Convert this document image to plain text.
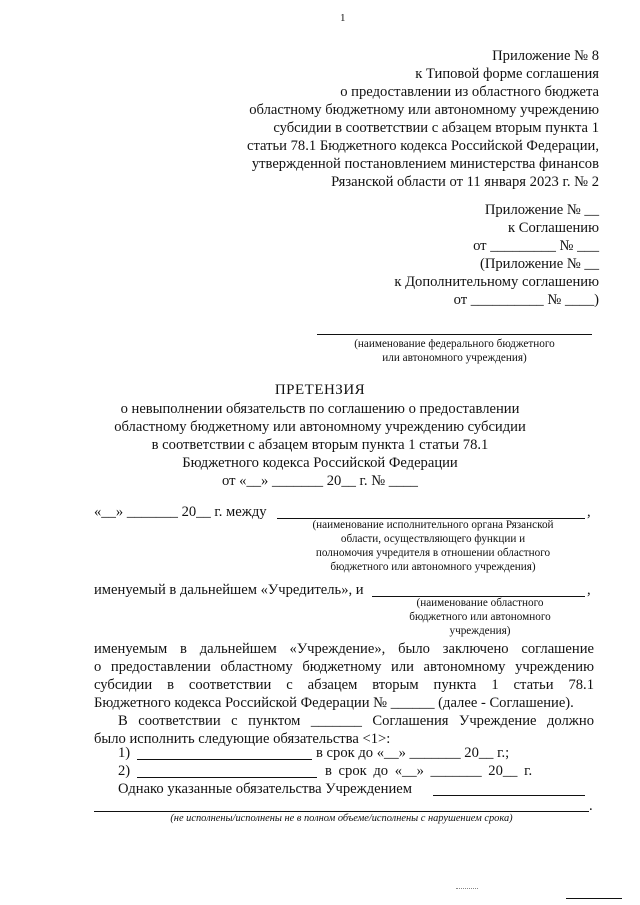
1
Приложение № 8
к Типовой форме соглашения
о предоставлении из областного бюджета
областному бюджетному или автономному учреждению
субсидии в соответствии с абзацем вторым пункта 1
статьи 78.1 Бюджетного кодекса Российской Федерации,
утвержденной постановлением министерства финансов
Рязанской области от 11 января 2023 г. № 2
Приложение № __
к Соглашению
от _________ № ___
(Приложение № __
к Дополнительному соглашению
от __________ № ____)
(наименование федерального бюджетного
или автономного учреждения)
ПРЕТЕНЗИЯ
о невыполнении обязательств по соглашению о предоставлении
областному бюджетному или автономному учреждению субсидии
в соответствии с абзацем вторым пункта 1 статьи 78.1
Бюджетного кодекса Российской Федерации
от «__» _______ 20__ г. № ____
«__» _______ 20__ г. между	,
(наименование исполнительного органа Рязанской
области, осуществляющего функции и
полномочия учредителя в отношении областного
бюджетного или автономного учреждения)
именуемый в дальнейшем «Учредитель», и	,
(наименование областного
бюджетного или автономного
учреждения)
именуемым в дальнейшем «Учреждение», было заключено соглашение
о предоставлении областному бюджетному или автономному учреждению
субсидии в соответствии с абзацем вторым пункта 1 статьи 78.1
Бюджетного кодекса Российской Федерации № ______ (далее - Соглашение).
В соответствии с пунктом _______ Соглашения Учреждение должно
было исполнить следующие обязательства <1>:
1)	в срок до «__» _______ 20__ г.;
2)	в срок до «__» _______ 20__ г.
Однако указанные обязательства Учреждением
.
(не исполнены/исполнены не в полном объеме/исполнены с нарушением срока)
